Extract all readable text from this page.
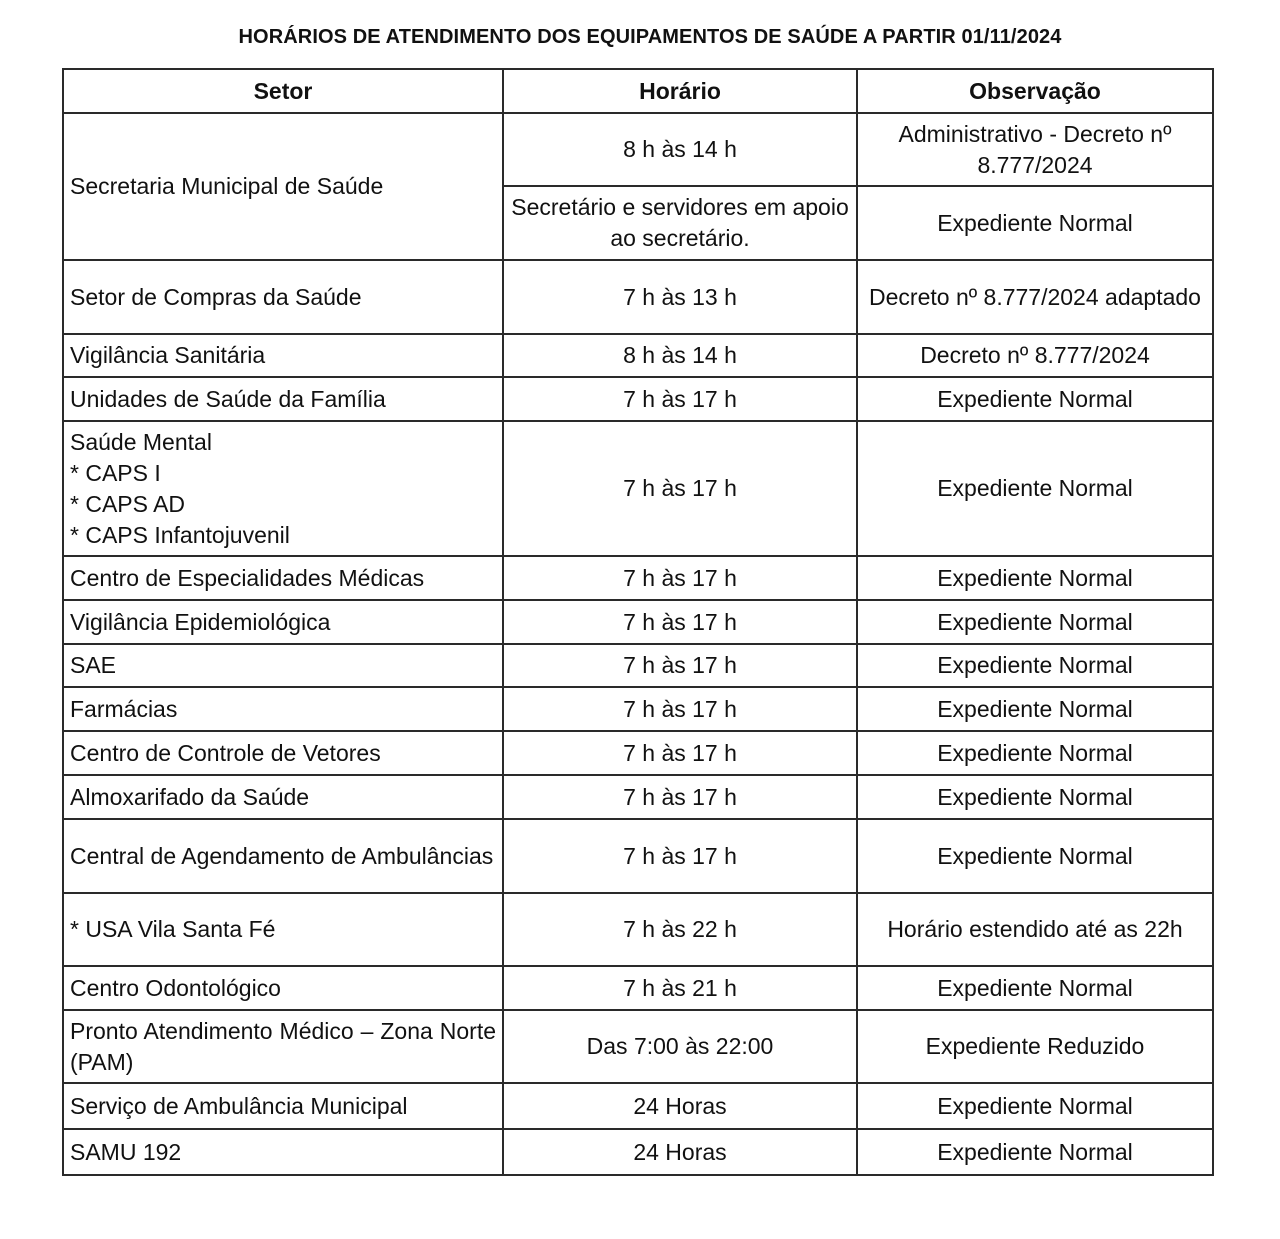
HORÁRIOS DE ATENDIMENTO DOS EQUIPAMENTOS DE SAÚDE A PARTIR 01/11/2024
Setor	Horário	Observação
Secretaria Municipal de Saúde	8 h às 14 h	Administrativo - Decreto nº 8.777/2024
	Secretário e servidores em apoio ao secretário.	Expediente Normal
Setor de Compras da Saúde	7 h às 13 h	Decreto nº 8.777/2024 adaptado
Vigilância Sanitária	8 h às 14 h	Decreto nº 8.777/2024
Unidades de Saúde da Família	7 h às 17 h	Expediente Normal

Saúde Mental
* CAPS I
* CAPS AD
* CAPS Infantojuvenil	7 h às 17 h	Expediente Normal
Centro de Especialidades Médicas	7 h às 17 h	Expediente Normal
Vigilância Epidemiológica	7 h às 17 h	Expediente Normal
SAE	7 h às 17 h	Expediente Normal
Farmácias	7 h às 17 h	Expediente Normal
Centro de Controle de Vetores	7 h às 17 h	Expediente Normal
Almoxarifado da Saúde	7 h às 17 h	Expediente Normal
Central de Agendamento de Ambulâncias	7 h às 17 h	Expediente Normal
* USA Vila Santa Fé	7 h às 22 h	Horário estendido até as 22h
Centro Odontológico	7 h às 21 h	Expediente Normal
Pronto Atendimento Médico – Zona Norte (PAM)	Das 7:00 às 22:00	Expediente Reduzido
Serviço de Ambulância Municipal	24 Horas	Expediente Normal
SAMU 192	24 Horas	Expediente Normal
